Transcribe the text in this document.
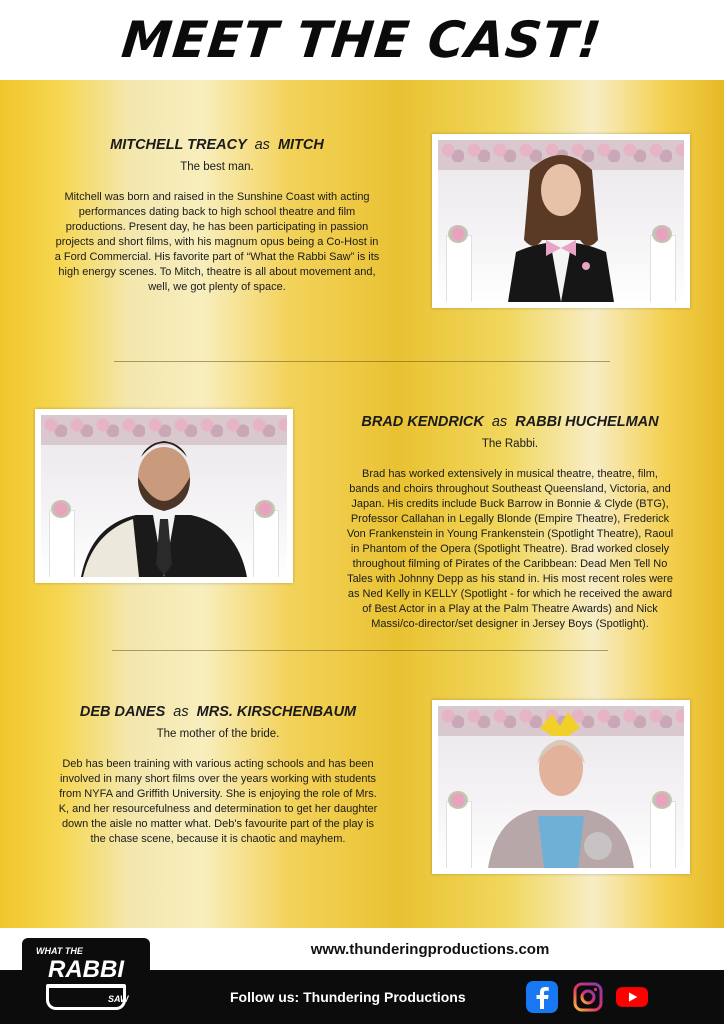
MEET THE CAST!

MITCHELL TREACY as MITCH

The best man.

Mitchell was born and raised in the Sunshine Coast with acting
performances dating back to high school theatre and film
productions. Present day, he has been participating in passion
projects and short films, with his magnum opus being a Co-Host in
a Ford Commercial. His favorite part of “What the Rabbi Saw” is its
high energy scenes. To Mitch, theatre is all about movement and,
well, we got plenty of space.

BRAD KENDRICK as RABBI HUCHELMAN

The Rabbi.

Brad has worked extensively in musical theatre, theatre, film,
bands and choirs throughout Southeast Queensland, Victoria, and
Japan. His credits include Buck Barrow in Bonnie & Clyde (BTG),
Professor Callahan in Legally Blonde (Empire Theatre), Frederick
Von Frankenstein in Young Frankenstein (Spotlight Theatre), Raoul
in Phantom of the Opera (Spotlight Theatre). Brad worked closely
throughout filming of Pirates of the Caribbean: Dead Men Tell No
Tales with Johnny Depp as his stand in. His most recent roles were
as Ned Kelly in KELLY (Spotlight - for which he received the award
of Best Actor in a Play at the Palm Theatre Awards) and Nick
Massi/co-director/set designer in Jersey Boys (Spotlight).

DEB DANES as MRS. KIRSCHENBAUM

The mother of the bride.

Deb has been training with various acting schools and has been
involved in many short films over the years working with students
from NYFA and Griffith University. She is enjoying the role of Mrs.
K, and her resourcefulness and determination to get her daughter
down the aisle no matter what. Deb's favourite part of the play is
the chase scene, because it is chaotic and mayhem.

www.thunderingproductions.com
Follow us: Thundering Productions
WHAT THE
RABBI
SAW
